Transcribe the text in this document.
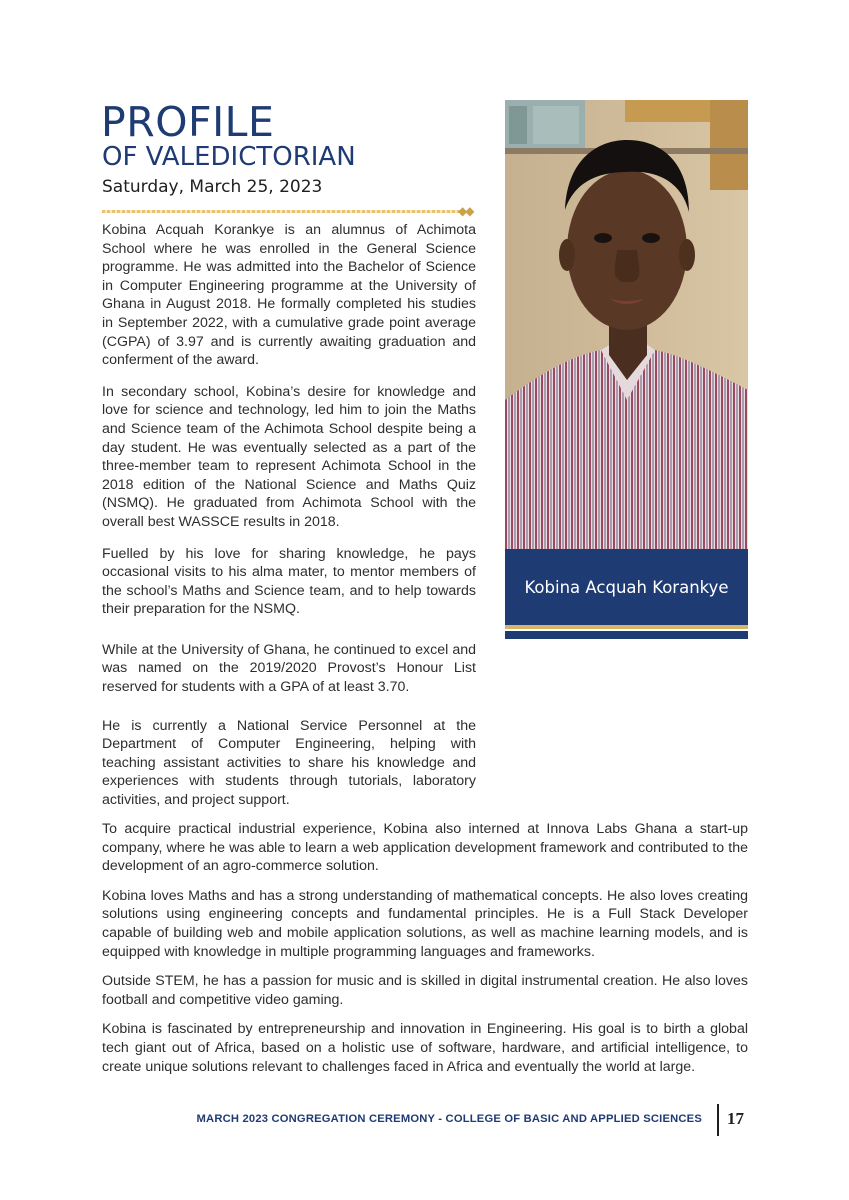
PROFILE
OF VALEDICTORIAN
Saturday, March 25, 2023
◆◆

Kobina Acquah Korankye is an alumnus of Achimota School where he was enrolled in the General Science programme. He was admitted into the Bachelor of Science in Computer Engineering programme at the University of Ghana in August 2018. He formally completed his studies in September 2022, with a cumulative grade point average (CGPA) of 3.97 and is currently awaiting graduation and conferment of the award.

In secondary school, Kobina’s desire for knowledge and love for science and technology, led him to join the Maths and Science team of the Achimota School despite being a day student. He was eventually selected as a part of the three-member team to represent Achimota School in the 2018 edition of the National Science and Maths Quiz (NSMQ). He graduated from Achimota School with the overall best WASSCE results in 2018.

Fuelled by his love for sharing knowledge, he pays occasional visits to his alma mater, to mentor members of the school’s Maths and Science team, and to help towards their preparation for the NSMQ.

While at the University of Ghana, he continued to excel and was named on the 2019/2020 Provost’s Honour List reserved for students with a GPA of at least 3.70.

He is currently a National Service Personnel at the Department of Computer Engineering, helping with teaching assistant activities to share his knowledge and experiences with students through tutorials, laboratory activities, and project support.

Kobina Acquah Korankye

To acquire practical industrial experience, Kobina also interned at Innova Labs Ghana a start-up company, where he was able to learn a web application development framework and contributed to the development of an agro-commerce solution.

Kobina loves Maths and has a strong understanding of mathematical concepts. He also loves creating solutions using engineering concepts and fundamental principles. He is a Full Stack Developer capable of building web and mobile application solutions, as well as machine learning models, and is equipped with knowledge in multiple programming languages and frameworks.

Outside STEM, he has a passion for music and is skilled in digital instrumental creation. He also loves football and competitive video gaming.

Kobina is fascinated by entrepreneurship and innovation in Engineering. His goal is to birth a global tech giant out of Africa, based on a holistic use of software, hardware, and artificial intelligence, to create unique solutions relevant to challenges faced in Africa and eventually the world at large.

MARCH 2023 CONGREGATION CEREMONY - COLLEGE OF BASIC AND APPLIED SCIENCES 17
